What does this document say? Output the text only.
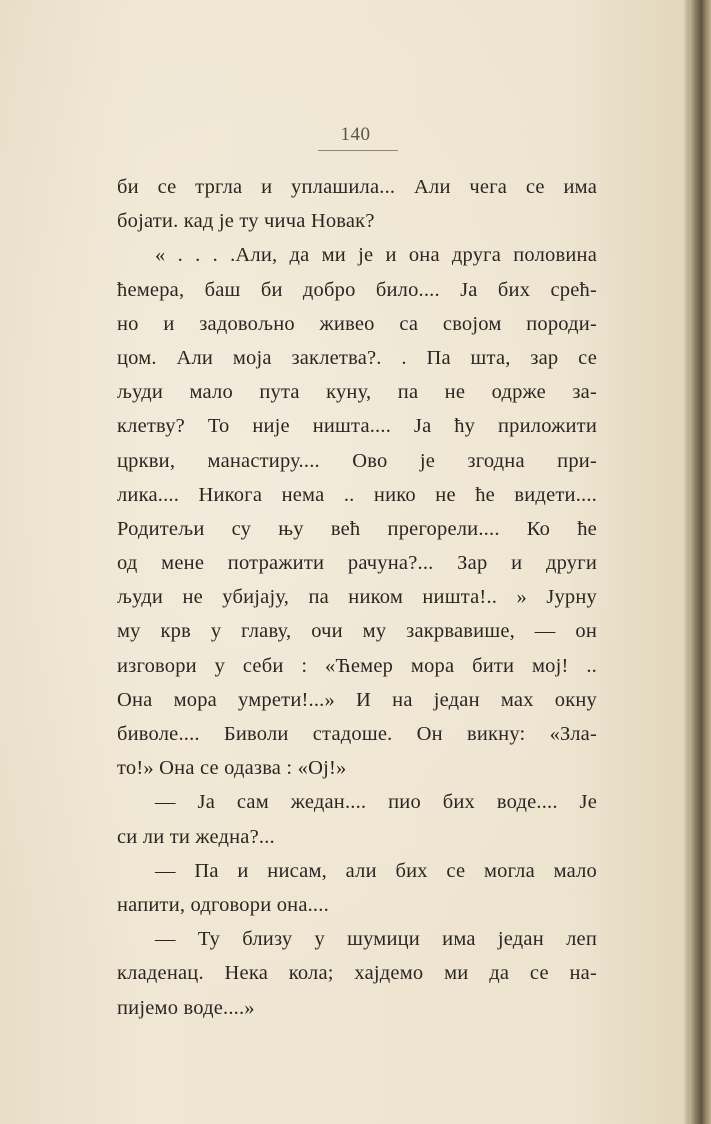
140
би се тргла и уплашила... Али чега се има
бојати. кад је ту чича Новак?
« . . . .Али, да ми је и она друга половина
ћемера, баш би добро било.... Ја бих срећ-
но и задовољно живео са својом породи-
цом. Али моја заклетва?. . Па шта, зар се
људи мало пута куну, па не одрже за-
клетву? То није ништа.... Ја ћу приложити
цркви, манастиру.... Ово је згодна при-
лика.... Никога нема .. нико не ће видети....
Родитељи су њу већ прегорели.... Ко ће
од мене потражити рачуна?... Зар и други
људи не убијају, па ником ништа!.. » Јурну
му крв у главу, очи му закрвавише, — он
изговори у себи : «Ћемер мора бити мој! ..
Она мора умрети!...» И на један мах окну
биволе.... Биволи стадоше. Он викну: «Зла-
то!» Она се одазва : «Ој!»
— Ја сам жедан.... пио бих воде.... Је
си ли ти жедна?...
— Па и нисам, али бих се могла мало
напити, одговори она....
— Ту близу у шумици има један леп
кладенац. Нека кола; хајдемо ми да се на-
пијемо воде....»
